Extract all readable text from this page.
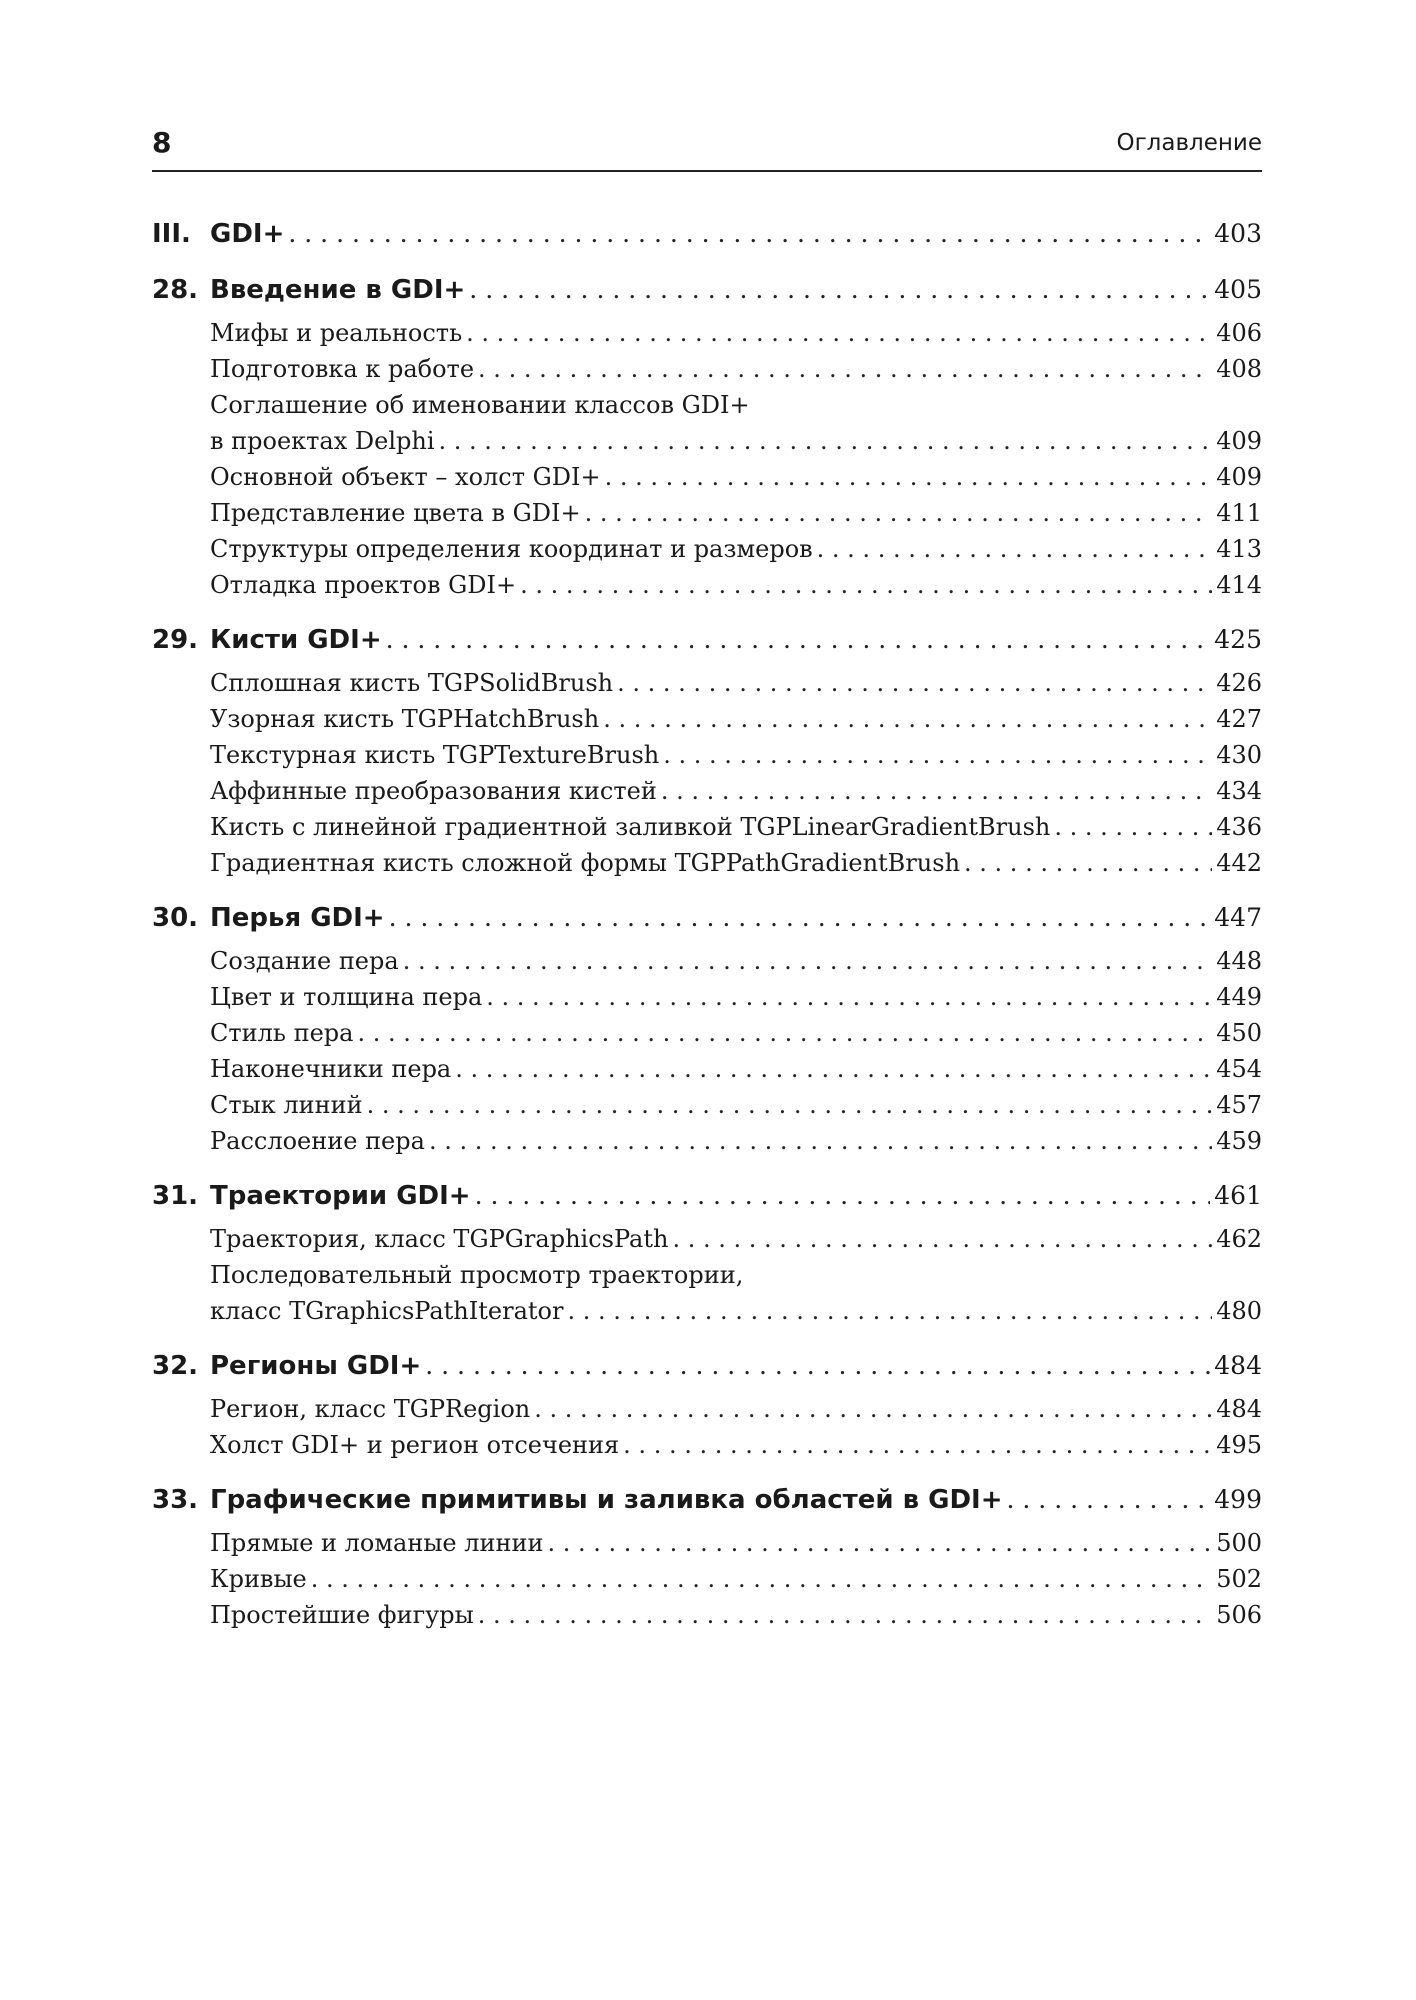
8	Оглавление
III. GDI+ . . .	403
28. Введение в GDI+ . . .	405
Мифы и реальность . . .	406
Подготовка к работе . . .	408
Соглашение об именовании классов GDI+
в проектах Delphi . . .	409
Основной объект – холст GDI+ . . .	409
Представление цвета в GDI+ . . .	411
Структуры определения координат и размеров . . .	413
Отладка проектов GDI+ . . .	414
29. Кисти GDI+ . . .	425
Сплошная кисть TGPSolidBrush . . .	426
Узорная кисть TGPHatchBrush . . .	427
Текстурная кисть TGPTextureBrush . . .	430
Аффинные преобразования кистей . . .	434
Кисть с линейной градиентной заливкой TGPLinearGradientBrush . . .	436
Градиентная кисть сложной формы TGPPathGradientBrush . . .	442
30. Перья GDI+ . . .	447
Создание пера . . .	448
Цвет и толщина пера . . .	449
Стиль пера . . .	450
Наконечники пера . . .	454
Стык линий . . .	457
Расслоение пера . . .	459
31. Траектории GDI+ . . .	461
Траектория, класс TGPGraphicsPath . . .	462
Последовательный просмотр траектории,
класс TGraphicsPathIterator . . .	480
32. Регионы GDI+ . . .	484
Регион, класс TGPRegion . . .	484
Холст GDI+ и регион отсечения . . .	495
33. Графические примитивы и заливка областей в GDI+ . . .	499
Прямые и ломаные линии . . .	500
Кривые . . .	502
Простейшие фигуры . . .	506
